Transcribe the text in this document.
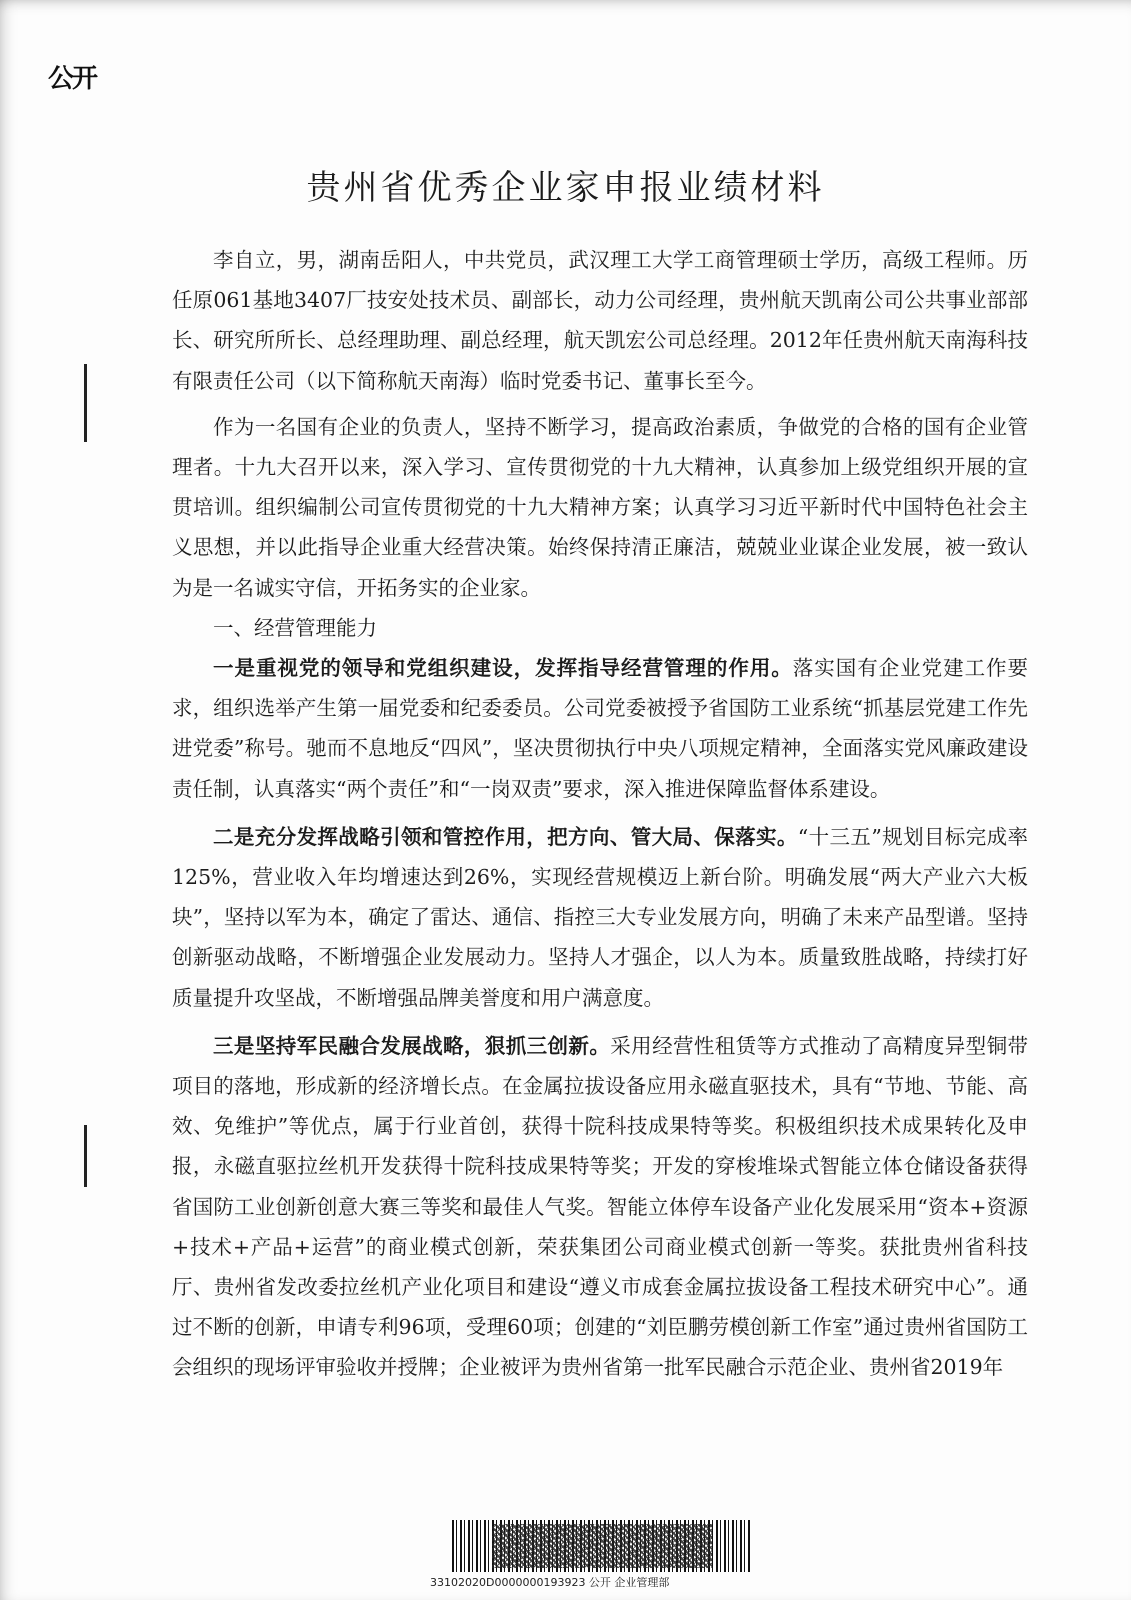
公开
贵州省优秀企业家申报业绩材料

李自立，男，湖南岳阳人，中共党员，武汉理工大学工商管理硕士学历，高级工程师。历任原061基地3407厂技安处技术员、副部长，动力公司经理，贵州航天凯南公司公共事业部部长、研究所所长、总经理助理、副总经理，航天凯宏公司总经理。2012年任贵州航天南海科技有限责任公司（以下简称航天南海）临时党委书记、董事长至今。

作为一名国有企业的负责人，坚持不断学习，提高政治素质，争做党的合格的国有企业管理者。十九大召开以来，深入学习、宣传贯彻党的十九大精神，认真参加上级党组织开展的宣贯培训。组织编制公司宣传贯彻党的十九大精神方案；认真学习习近平新时代中国特色社会主义思想，并以此指导企业重大经营决策。始终保持清正廉洁，兢兢业业谋企业发展，被一致认为是一名诚实守信，开拓务实的企业家。

一、经营管理能力

一是重视党的领导和党组织建设，发挥指导经营管理的作用。落实国有企业党建工作要求，组织选举产生第一届党委和纪委委员。公司党委被授予省国防工业系统“抓基层党建工作先进党委”称号。驰而不息地反“四风”，坚决贯彻执行中央八项规定精神，全面落实党风廉政建设责任制，认真落实“两个责任”和“一岗双责”要求，深入推进保障监督体系建设。

二是充分发挥战略引领和管控作用，把方向、管大局、保落实。“十三五”规划目标完成率125%，营业收入年均增速达到26%，实现经营规模迈上新台阶。明确发展“两大产业六大板块”，坚持以军为本，确定了雷达、通信、指控三大专业发展方向，明确了未来产品型谱。坚持创新驱动战略，不断增强企业发展动力。坚持人才强企，以人为本。质量致胜战略，持续打好质量提升攻坚战，不断增强品牌美誉度和用户满意度。

三是坚持军民融合发展战略，狠抓三创新。采用经营性租赁等方式推动了高精度异型铜带项目的落地，形成新的经济增长点。在金属拉拔设备应用永磁直驱技术，具有“节地、节能、高效、免维护”等优点，属于行业首创，获得十院科技成果特等奖。积极组织技术成果转化及申报，永磁直驱拉丝机开发获得十院科技成果特等奖；开发的穿梭堆垛式智能立体仓储设备获得省国防工业创新创意大赛三等奖和最佳人气奖。智能立体停车设备产业化发展采用“资本+资源+技术+产品+运营”的商业模式创新，荣获集团公司商业模式创新一等奖。获批贵州省科技厅、贵州省发改委拉丝机产业化项目和建设“遵义市成套金属拉拔设备工程技术研究中心”。通过不断的创新，申请专利96项，受理60项；创建的“刘臣鹏劳模创新工作室”通过贵州省国防工会组织的现场评审验收并授牌；企业被评为贵州省第一批军民融合示范企业、贵州省2019年

33102020D0000000193923 公开 企业管理部
